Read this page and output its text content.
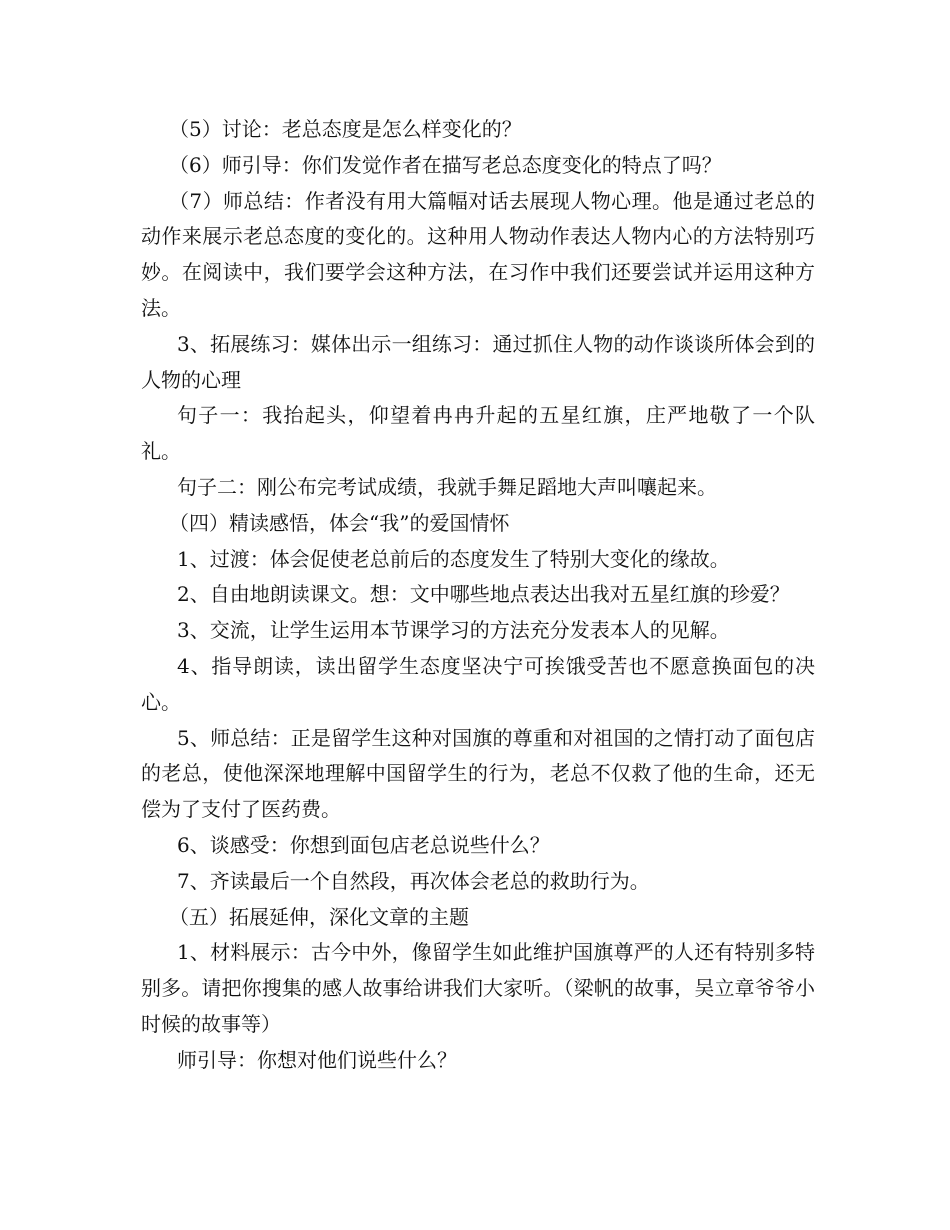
（5）讨论：老总态度是怎么样变化的？

（6）师引导：你们发觉作者在描写老总态度变化的特点了吗？

（7）师总结：作者没有用大篇幅对话去展现人物心理。他是通过老总的动作来展示老总态度的变化的。这种用人物动作表达人物内心的方法特别巧妙。在阅读中，我们要学会这种方法，在习作中我们还要尝试并运用这种方法。

3、拓展练习：媒体出示一组练习：通过抓住人物的动作谈谈所体会到的人物的心理

句子一：我抬起头，仰望着冉冉升起的五星红旗，庄严地敬了一个队礼。

句子二：刚公布完考试成绩，我就手舞足蹈地大声叫嚷起来。

（四）精读感悟，体会“我”的爱国情怀

1、过渡：体会促使老总前后的态度发生了特别大变化的缘故。

2、自由地朗读课文。想：文中哪些地点表达出我对五星红旗的珍爱？

3、交流，让学生运用本节课学习的方法充分发表本人的见解。

4、指导朗读，读出留学生态度坚决宁可挨饿受苦也不愿意换面包的决心。

5、师总结：正是留学生这种对国旗的尊重和对祖国的之情打动了面包店的老总，使他深深地理解中国留学生的行为，老总不仅救了他的生命，还无偿为了支付了医药费。

6、谈感受：你想到面包店老总说些什么？

7、齐读最后一个自然段，再次体会老总的救助行为。

（五）拓展延伸，深化文章的主题

1、材料展示：古今中外，像留学生如此维护国旗尊严的人还有特别多特别多。请把你搜集的感人故事给讲我们大家听。（梁帆的故事，吴立章爷爷小时候的故事等）

师引导：你想对他们说些什么？
